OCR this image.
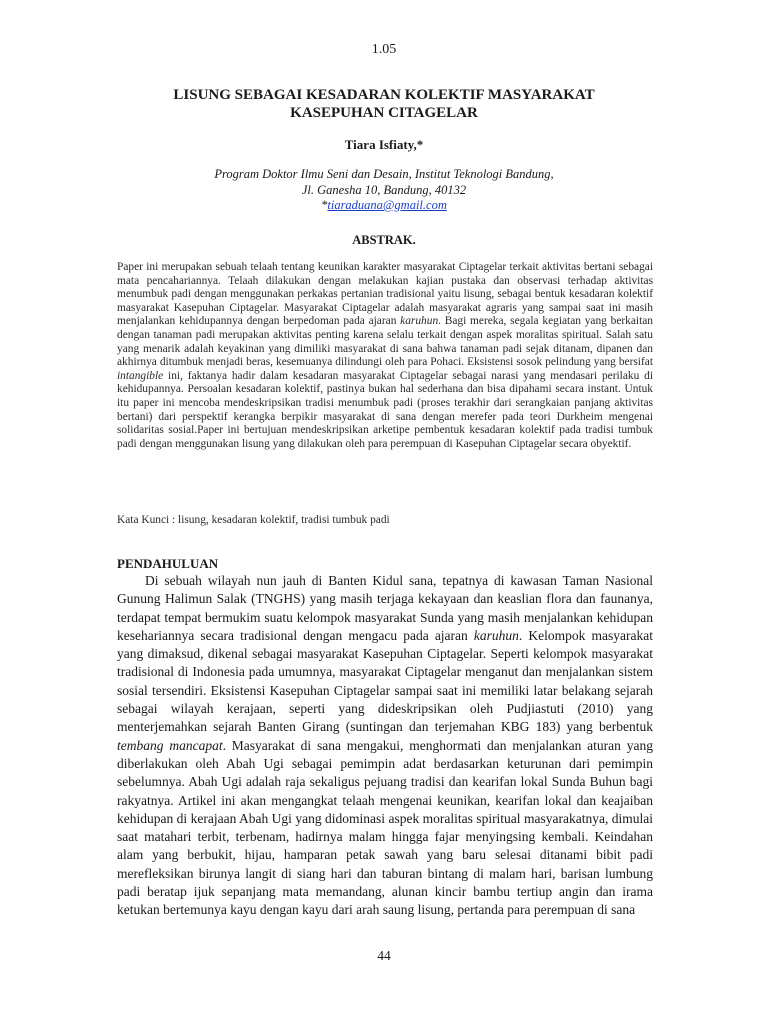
1.05
LISUNG SEBAGAI KESADARAN KOLEKTIF MASYARAKAT
KASEPUHAN CITAGELAR
Tiara Isfiaty,*
Program Doktor Ilmu Seni dan Desain, Institut Teknologi Bandung,
Jl. Ganesha 10, Bandung, 40132
*tiaraduana@gmail.com
ABSTRAK.

Paper ini merupakan sebuah telaah tentang keunikan karakter masyarakat Ciptagelar terkait aktivitas bertani sebagai mata pencahariannya. Telaah dilakukan dengan melakukan kajian pustaka dan observasi terhadap aktivitas menumbuk padi dengan menggunakan perkakas pertanian tradisional yaitu lisung, sebagai bentuk kesadaran kolektif masyarakat Kasepuhan Ciptagelar. Masyarakat Ciptagelar adalah masyarakat agraris yang sampai saat ini masih menjalankan kehidupannya dengan berpedoman pada ajaran karuhun. Bagi mereka, segala kegiatan yang berkaitan dengan tanaman padi merupakan aktivitas penting karena selalu terkait dengan aspek moralitas spiritual. Salah satu yang menarik adalah keyakinan yang dimiliki masyarakat di sana bahwa tanaman padi sejak ditanam, dipanen dan akhirnya ditumbuk menjadi beras, kesemuanya dilindungi oleh para Pohaci. Eksistensi sosok pelindung yang bersifat intangible ini, faktanya hadir dalam kesadaran masyarakat Ciptagelar sebagai narasi yang mendasari perilaku di kehidupannya. Persoalan kesadaran kolektif, pastinya bukan hal sederhana dan bisa dipahami secara instant. Untuk itu paper ini mencoba mendeskripsikan tradisi menumbuk padi (proses terakhir dari serangkaian panjang aktivitas bertani) dari perspektif kerangka berpikir masyarakat di sana dengan merefer pada teori Durkheim mengenai solidaritas sosial.Paper ini bertujuan mendeskripsikan arketipe pembentuk kesadaran kolektif pada tradisi tumbuk padi dengan menggunakan lisung yang dilakukan oleh para perempuan di Kasepuhan Ciptagelar secara obyektif.

Kata Kunci : lisung, kesadaran kolektif, tradisi tumbuk padi
PENDAHULUAN

Di sebuah wilayah nun jauh di Banten Kidul sana, tepatnya di kawasan Taman Nasional Gunung Halimun Salak (TNGHS) yang masih terjaga kekayaan dan keaslian flora dan faunanya, terdapat tempat bermukim suatu kelompok masyarakat Sunda yang masih menjalankan kehidupan kesehariannya secara tradisional dengan mengacu pada ajaran karuhun. Kelompok masyarakat yang dimaksud, dikenal sebagai masyarakat Kasepuhan Ciptagelar. Seperti kelompok masyarakat tradisional di Indonesia pada umumnya, masyarakat Ciptagelar menganut dan menjalankan sistem sosial tersendiri. Eksistensi Kasepuhan Ciptagelar sampai saat ini memiliki latar belakang sejarah sebagai wilayah kerajaan, seperti yang dideskripsikan oleh Pudjiastuti (2010) yang menterjemahkan sejarah Banten Girang (suntingan dan terjemahan KBG 183) yang berbentuk tembang mancapat. Masyarakat di sana mengakui, menghormati dan menjalankan aturan yang diberlakukan oleh Abah Ugi sebagai pemimpin adat berdasarkan keturunan dari pemimpin sebelumnya. Abah Ugi adalah raja sekaligus pejuang tradisi dan kearifan lokal Sunda Buhun bagi rakyatnya. Artikel ini akan mengangkat telaah mengenai keunikan, kearifan lokal dan keajaiban kehidupan di kerajaan Abah Ugi yang didominasi aspek moralitas spiritual masyarakatnya, dimulai saat matahari terbit, terbenam, hadirnya malam hingga fajar menyingsing kembali. Keindahan alam yang berbukit, hijau, hamparan petak sawah yang baru selesai ditanami bibit padi merefleksikan birunya langit di siang hari dan taburan bintang di malam hari, barisan lumbung padi beratap ijuk sepanjang mata memandang, alunan kincir bambu tertiup angin dan irama ketukan bertemunya kayu dengan kayu dari arah saung lisung, pertanda para perempuan di sana

44
